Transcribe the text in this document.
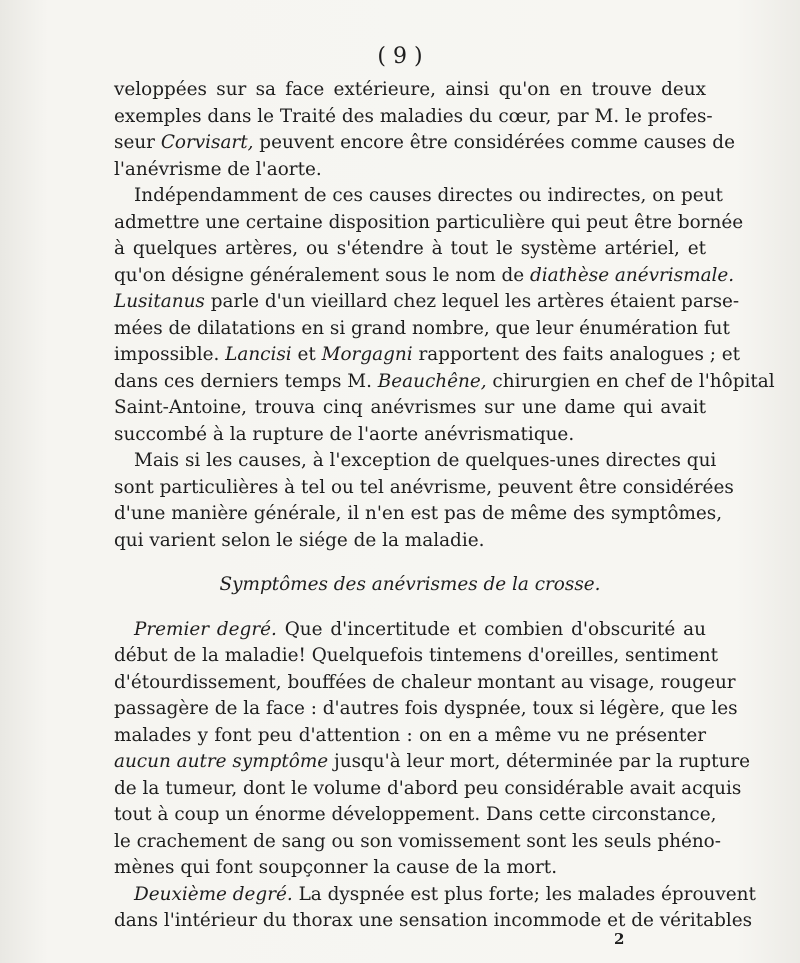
( 9 )
veloppées sur sa face extérieure, ainsi qu'on en trouve deux
exemples dans le Traité des maladies du cœur, par M. le profes-
seur Corvisart, peuvent encore être considérées comme causes de
l'anévrisme de l'aorte.
Indépendamment de ces causes directes ou indirectes, on peut
admettre une certaine disposition particulière qui peut être bornée
à quelques artères, ou s'étendre à tout le système artériel, et
qu'on désigne généralement sous le nom de diathèse anévrismale.
Lusitanus parle d'un vieillard chez lequel les artères étaient parse-
mées de dilatations en si grand nombre, que leur énumération fut
impossible. Lancisi et Morgagni rapportent des faits analogues ; et
dans ces derniers temps M. Beauchêne, chirurgien en chef de l'hôpital
Saint-Antoine, trouva cinq anévrismes sur une dame qui avait
succombé à la rupture de l'aorte anévrismatique.
Mais si les causes, à l'exception de quelques-unes directes qui
sont particulières à tel ou tel anévrisme, peuvent être considérées
d'une manière générale, il n'en est pas de même des symptômes,
qui varient selon le siége de la maladie.
Symptômes des anévrismes de la crosse.
Premier degré. Que d'incertitude et combien d'obscurité au
début de la maladie! Quelquefois tintemens d'oreilles, sentiment
d'étourdissement, bouffées de chaleur montant au visage, rougeur
passagère de la face : d'autres fois dyspnée, toux si légère, que les
malades y font peu d'attention : on en a même vu ne présenter
aucun autre symptôme jusqu'à leur mort, déterminée par la rupture
de la tumeur, dont le volume d'abord peu considérable avait acquis
tout à coup un énorme développement. Dans cette circonstance,
le crachement de sang ou son vomissement sont les seuls phéno-
mènes qui font soupçonner la cause de la mort.
Deuxième degré. La dyspnée est plus forte; les malades éprouvent
dans l'intérieur du thorax une sensation incommode et de véritables
2
